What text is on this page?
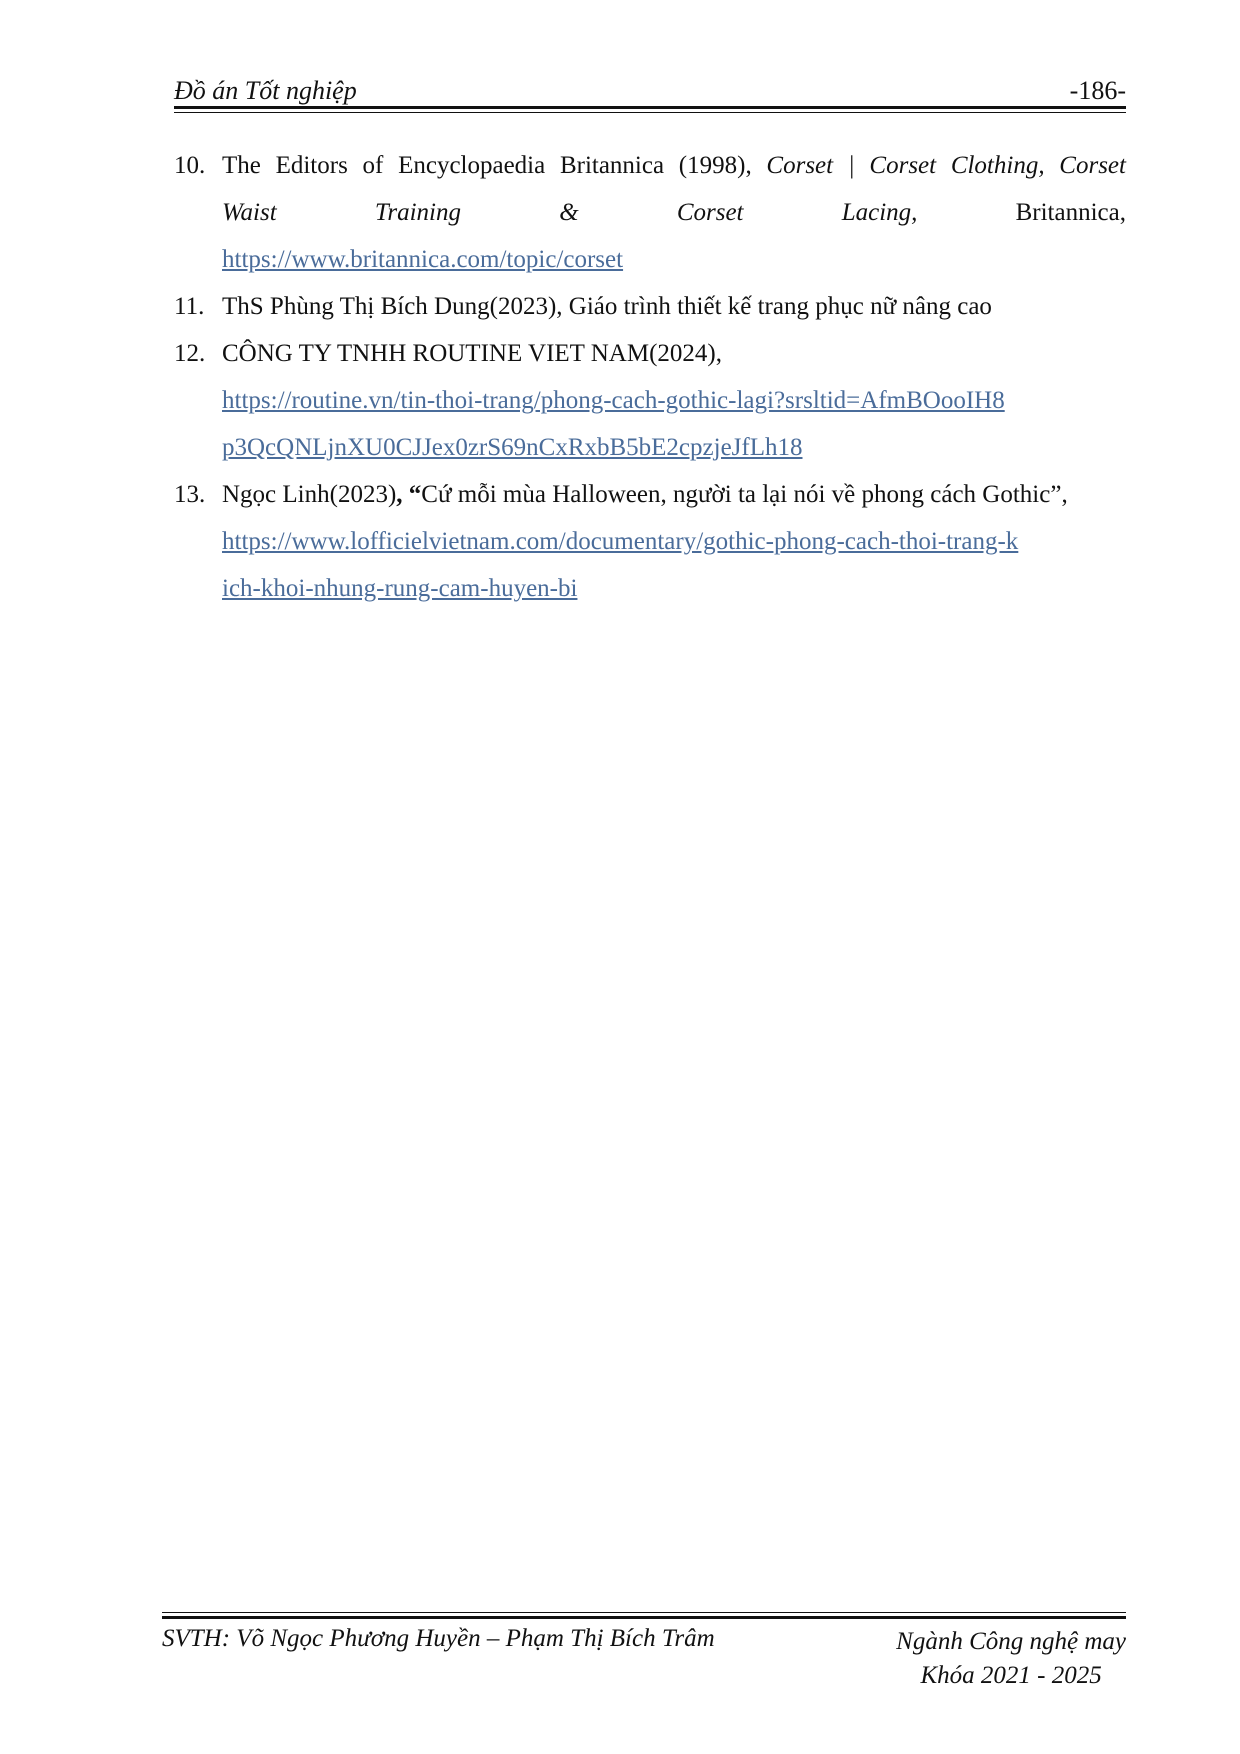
Đồ án Tốt nghiệp	-186-
10. The Editors of Encyclopaedia Britannica (1998), Corset | Corset Clothing, Corset
Waist Training & Corset Lacing, Britannica,
https://www.britannica.com/topic/corset
11. ThS Phùng Thị Bích Dung(2023), Giáo trình thiết kế trang phục nữ nâng cao
12. CÔNG TY TNHH ROUTINE VIET NAM(2024),
https://routine.vn/tin-thoi-trang/phong-cach-gothic-lagi?srsltid=AfmBOooIH8p3QcQNLjnXU0CJJex0zrS69nCxRxbB5bE2cpzjeJfLh18
13. Ngọc Linh(2023), “Cứ mỗi mùa Halloween, người ta lại nói về phong cách Gothic”,
https://www.lofficielvietnam.com/documentary/gothic-phong-cach-thoi-trang-kich-khoi-nhung-rung-cam-huyen-bi
SVTH: Võ Ngọc Phương Huyền – Phạm Thị Bích Trâm	Ngành Công nghệ may
Khóa 2021 - 2025
